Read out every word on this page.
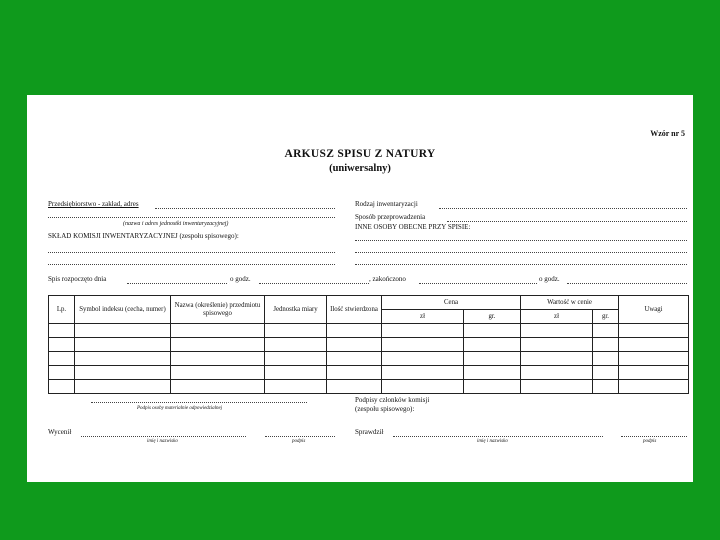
Wzór nr 5
ARKUSZ SPISU Z NATURY
(uniwersalny)
Przedsiębiorstwo - zakład, adres
(nazwa i adres jednostki inwentaryzacyjnej)
SKŁAD KOMISJI INWENTARYZACYJNEJ (zespołu spisowego):
Spis rozpoczęto dnia	o godz.	, zakończono	o godz.
Rodzaj inwentaryzacji
Sposób przeprowadzenia
INNE OSOBY OBECNE PRZY SPISIE:
Lp.	Symbol indeksu (cecha, numer)	Nazwa (określenie) przedmiotu spisowego	Jednostka miary	Ilość stwierdzona	Cena		Wartość w cenie		Uwagi
					zł	gr.	zł	gr.	

Podpis osoby materialnie odpowiedzialnej
Podpisy członków komisji
(zespołu spisowego):
Wycenił
imię i nazwisko	podpis
Sprawdził
imię i nazwisko	podpis
